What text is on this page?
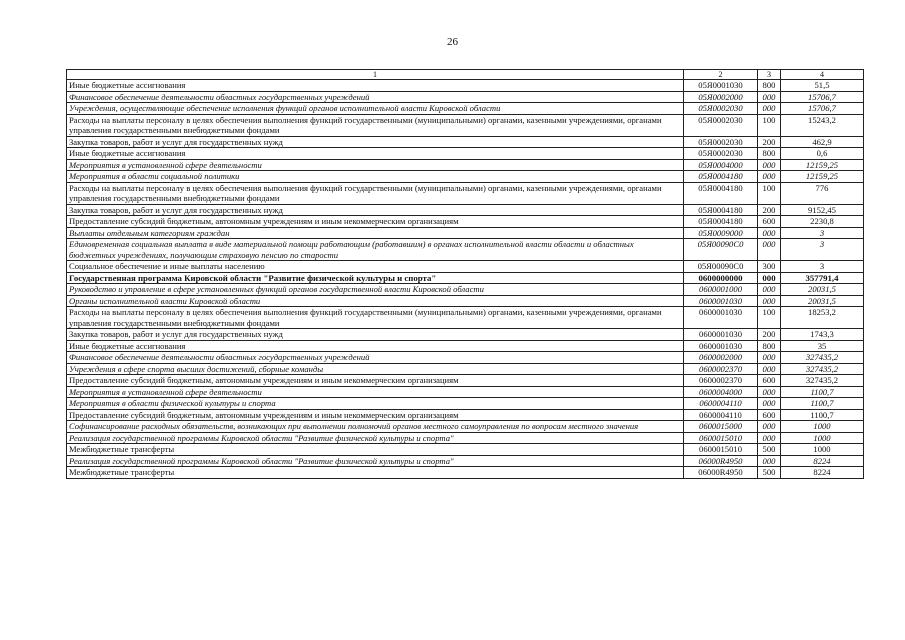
26
1	2	3	4
Иные бюджетные ассигнования	05Я0001030	800	51,5
Финансовое обеспечение деятельности областных государственных учреждений	05Я0002000	000	15706,7
Учреждения, осуществляющие обеспечение исполнения функций органов исполнительной власти Кировской области	05Я0002030	000	15706,7
Расходы на выплаты персоналу в целях обеспечения выполнения функций государственными (муниципальными) органами, казенными учреждениями, органами управления государственными внебюджетными фондами	05Я0002030	100	15243,2
Закупка товаров, работ и услуг для государственных нужд	05Я0002030	200	462,9
Иные бюджетные ассигнования	05Я0002030	800	0,6
Мероприятия в установленной сфере деятельности	05Я0004000	000	12159,25
Мероприятия в области социальной политики	05Я0004180	000	12159,25
Расходы на выплаты персоналу в целях обеспечения выполнения функций государственными (муниципальными) органами, казенными учреждениями, органами управления государственными внебюджетными фондами	05Я0004180	100	776
Закупка товаров, работ и услуг для государственных нужд	05Я0004180	200	9152,45
Предоставление субсидий бюджетным, автономным учреждениям и иным некоммерческим организациям	05Я0004180	600	2230,8
Выплаты отдельным категориям граждан	05Я0009000	000	3
Единовременная социальная выплата в виде материальной помощи работающим (работавшим) в органах исполнительной власти области и областных бюджетных учреждениях, получающим страховую пенсию по старости	05Я00090С0	000	3
Социальное обеспечение и иные выплаты населению	05Я00090С0	300	3
Государственная программа Кировской области "Развитие физической культуры и спорта"	0600000000	000	357791,4
Руководство и управление в сфере установленных функций органов государственной власти Кировской области	0600001000	000	20031,5
Органы исполнительной власти Кировской области	0600001030	000	20031,5
Расходы на выплаты персоналу в целях обеспечения выполнения функций государственными (муниципальными) органами, казенными учреждениями, органами управления государственными внебюджетными фондами	0600001030	100	18253,2
Закупка товаров, работ и услуг для государственных нужд	0600001030	200	1743,3
Иные бюджетные ассигнования	0600001030	800	35
Финансовое обеспечение деятельности областных государственных учреждений	0600002000	000	327435,2
Учреждения в сфере спорта высших достижений, сборные команды	0600002370	000	327435,2
Предоставление субсидий бюджетным, автономным учреждениям и иным некоммерческим организациям	0600002370	600	327435,2
Мероприятия в установленной сфере деятельности	0600004000	000	1100,7
Мероприятия в области физической культуры и спорта	0600004110	000	1100,7
Предоставление субсидий бюджетным, автономным учреждениям и иным некоммерческим организациям	0600004110	600	1100,7
Софинансирование расходных обязательств, возникающих при выполнении полномочий органов местного самоуправления по вопросам местного значения	0600015000	000	1000
Реализация государственной программы Кировской области "Развитие физической культуры и спорта"	0600015010	000	1000
Межбюджетные трансферты	0600015010	500	1000
Реализация государственной программы Кировской области "Развитие физической культуры и спорта"	06000R4950	000	8224
Межбюджетные трансферты	06000R4950	500	8224
